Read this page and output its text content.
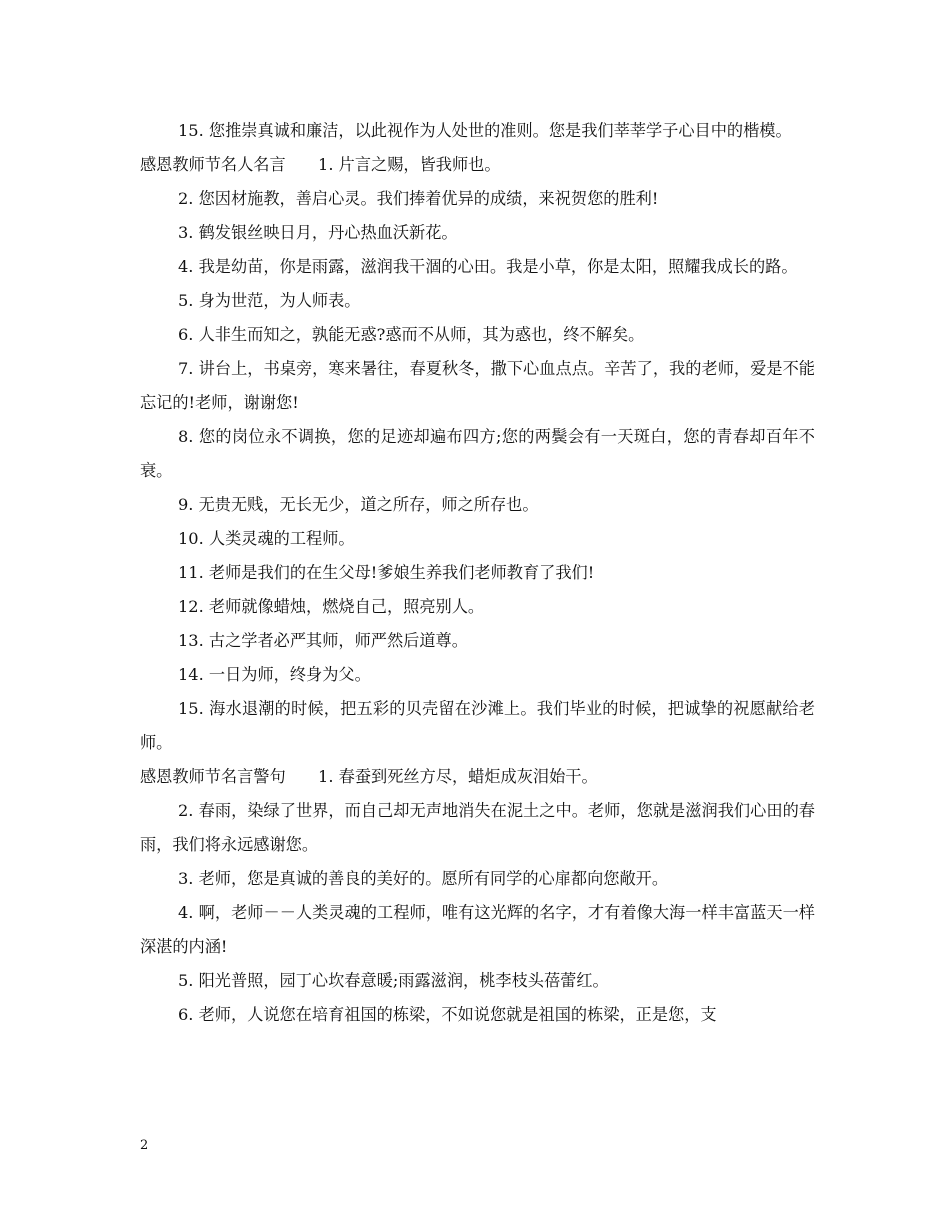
15. 您推崇真诚和廉洁，以此视作为人处世的准则。您是我们莘莘学子心目中的楷模。

感恩教师节名人名言　　1. 片言之赐，皆我师也。

2. 您因材施教，善启心灵。我们捧着优异的成绩，来祝贺您的胜利!

3. 鹤发银丝映日月，丹心热血沃新花。

4. 我是幼苗，你是雨露，滋润我干涸的心田。我是小草，你是太阳，照耀我成长的路。

5. 身为世范，为人师表。

6. 人非生而知之，孰能无惑?惑而不从师，其为惑也，终不解矣。

7. 讲台上，书桌旁，寒来暑往，春夏秋冬，撒下心血点点。辛苦了，我的老师，爱是不能忘记的!老师，谢谢您!

8. 您的岗位永不调换，您的足迹却遍布四方;您的两鬓会有一天斑白，您的青春却百年不衰。

9. 无贵无贱，无长无少，道之所存，师之所存也。

10. 人类灵魂的工程师。

11. 老师是我们的在生父母!爹娘生养我们老师教育了我们!

12. 老师就像蜡烛，燃烧自己，照亮别人。

13. 古之学者必严其师，师严然后道尊。

14. 一日为师，终身为父。

15. 海水退潮的时候，把五彩的贝壳留在沙滩上。我们毕业的时候，把诚挚的祝愿献给老师。

感恩教师节名言警句　　1. 春蚕到死丝方尽，蜡炬成灰泪始干。

2. 春雨，染绿了世界，而自己却无声地消失在泥土之中。老师，您就是滋润我们心田的春雨，我们将永远感谢您。

3. 老师，您是真诚的善良的美好的。愿所有同学的心扉都向您敞开。

4. 啊，老师－－人类灵魂的工程师，唯有这光辉的名字，才有着像大海一样丰富蓝天一样深湛的内涵!

5. 阳光普照，园丁心坎春意暖;雨露滋润，桃李枝头蓓蕾红。

6. 老师，人说您在培育祖国的栋梁，不如说您就是祖国的栋梁，正是您，支

2
